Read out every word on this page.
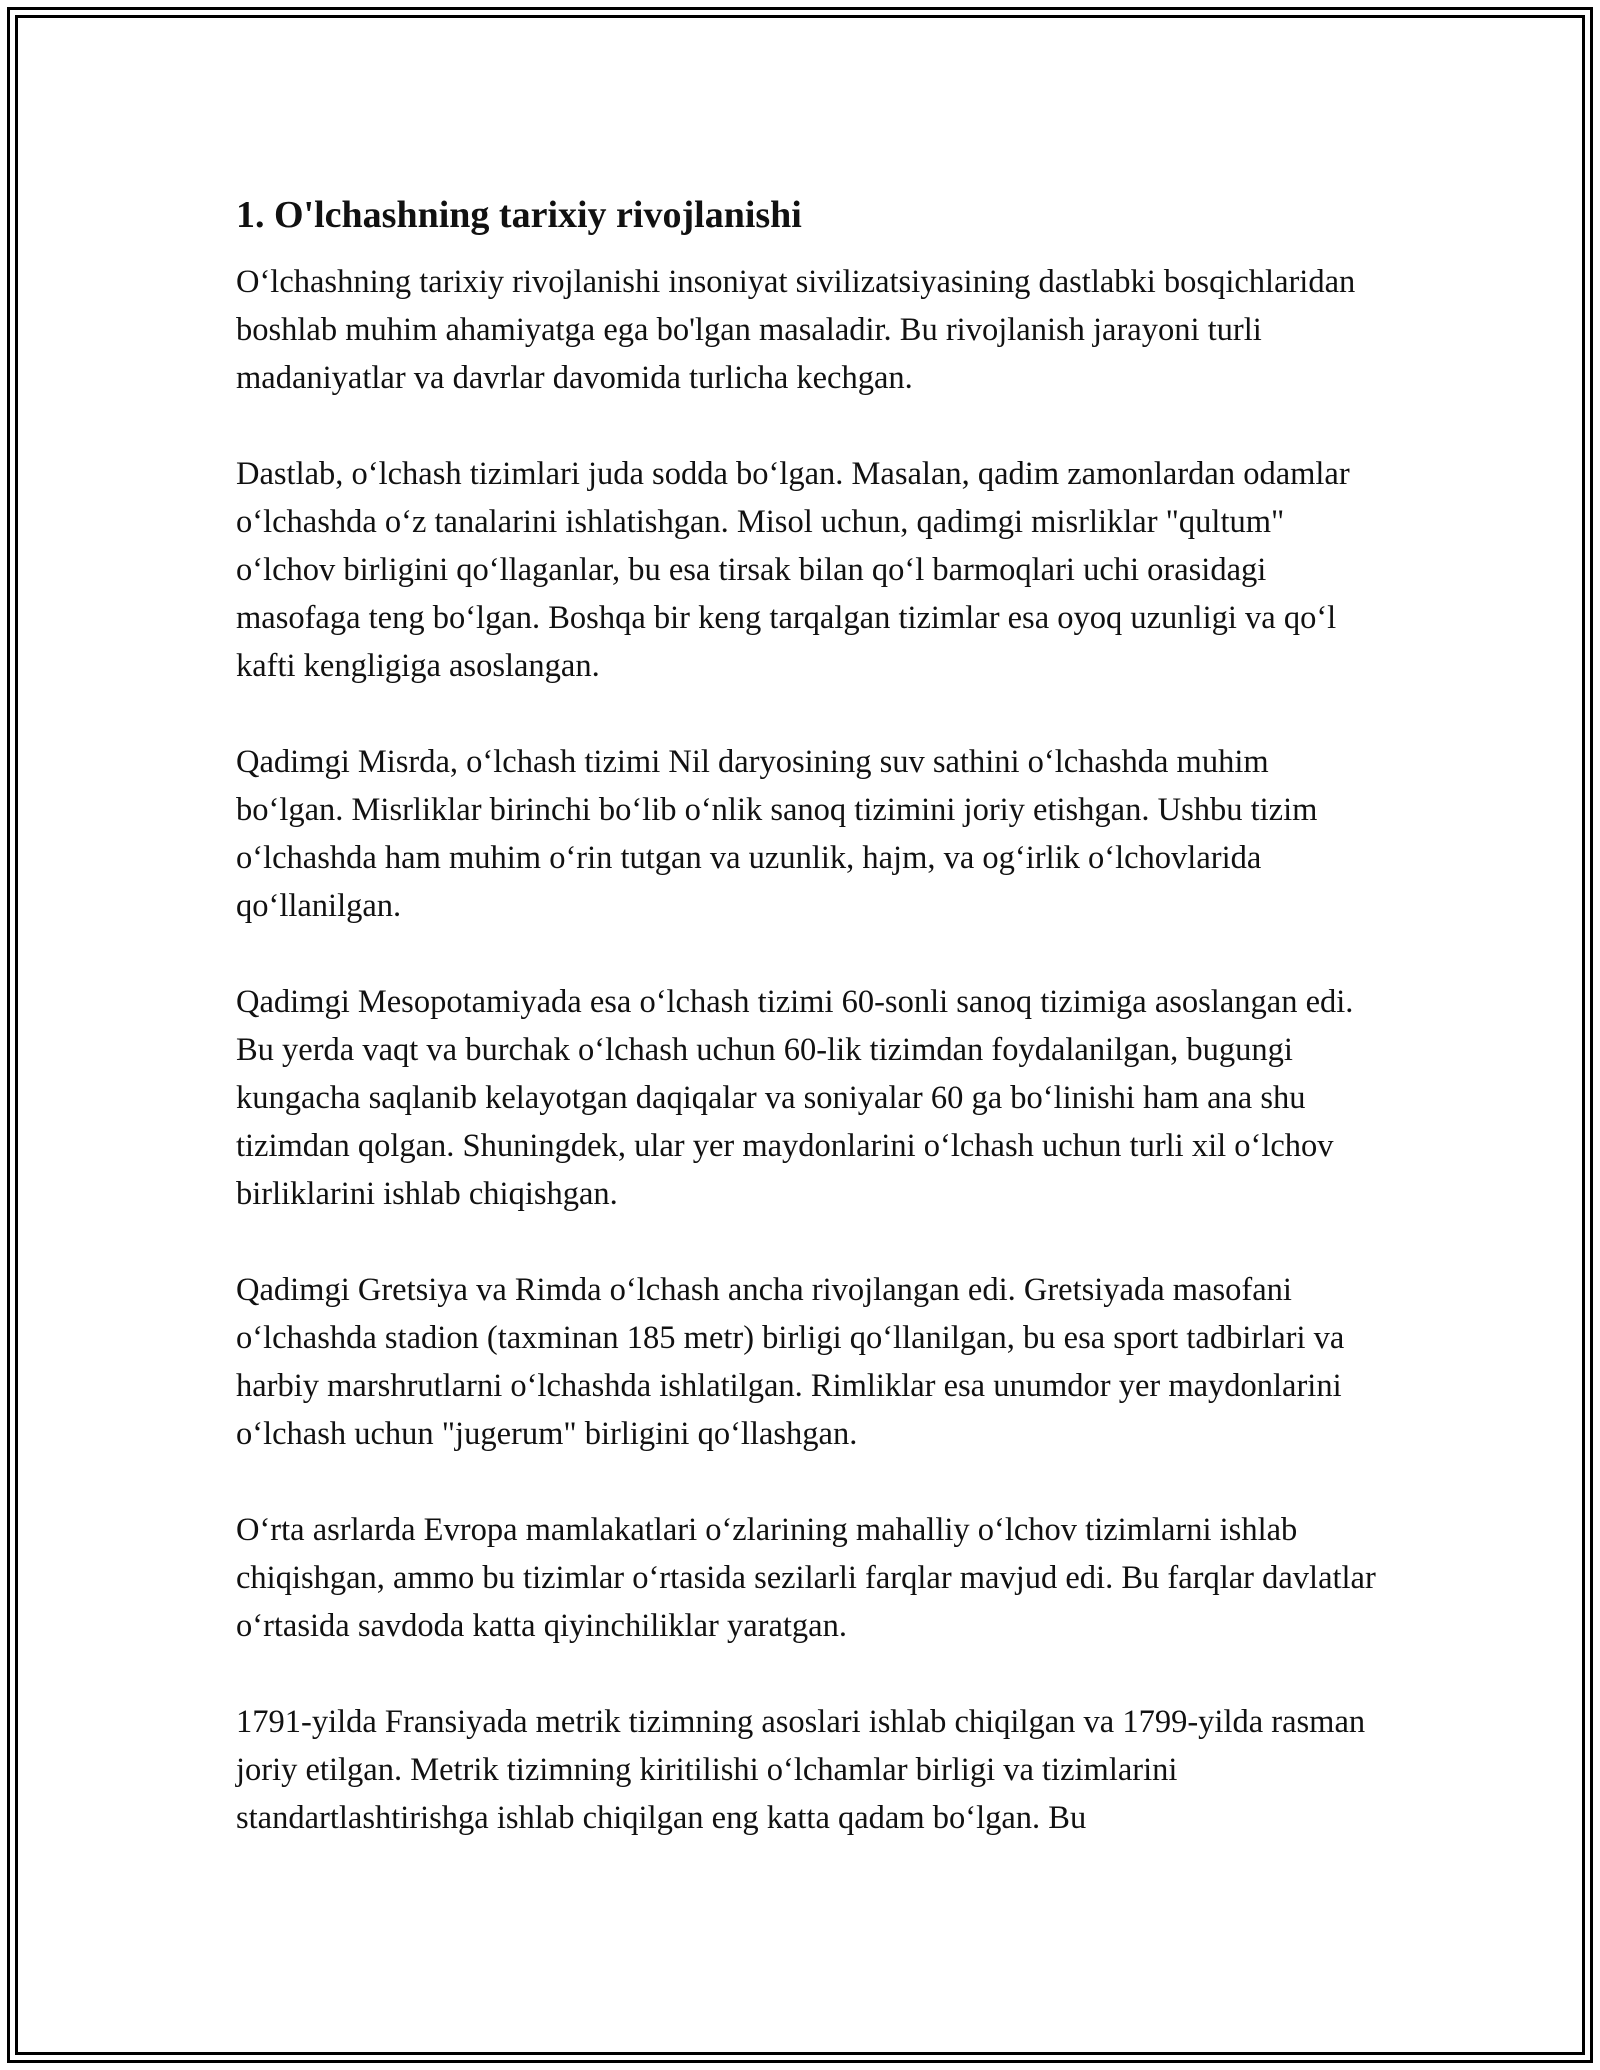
1. O'lchashning tarixiy rivojlanishi

O‘lchashning tarixiy rivojlanishi insoniyat sivilizatsiyasining dastlabki bosqichlaridan boshlab muhim ahamiyatga ega bo'lgan masaladir. Bu rivojlanish jarayoni turli madaniyatlar va davrlar davomida turlicha kechgan.

Dastlab, o‘lchash tizimlari juda sodda bo‘lgan. Masalan, qadim zamonlardan odamlar o‘lchashda o‘z tanalarini ishlatishgan. Misol uchun, qadimgi misrliklar "qultum" o‘lchov birligini qo‘llaganlar, bu esa tirsak bilan qo‘l barmoqlari uchi orasidagi masofaga teng bo‘lgan. Boshqa bir keng tarqalgan tizimlar esa oyoq uzunligi va qo‘l kafti kengligiga asoslangan.

Qadimgi Misrda, o‘lchash tizimi Nil daryosining suv sathini o‘lchashda muhim bo‘lgan. Misrliklar birinchi bo‘lib o‘nlik sanoq tizimini joriy etishgan. Ushbu tizim o‘lchashda ham muhim o‘rin tutgan va uzunlik, hajm, va og‘irlik o‘lchovlarida qo‘llanilgan.

Qadimgi Mesopotamiyada esa o‘lchash tizimi 60-sonli sanoq tizimiga asoslangan edi. Bu yerda vaqt va burchak o‘lchash uchun 60-lik tizimdan foydalanilgan, bugungi kungacha saqlanib kelayotgan daqiqalar va soniyalar 60 ga bo‘linishi ham ana shu tizimdan qolgan. Shuningdek, ular yer maydonlarini o‘lchash uchun turli xil o‘lchov birliklarini ishlab chiqishgan.

Qadimgi Gretsiya va Rimda o‘lchash ancha rivojlangan edi. Gretsiyada masofani o‘lchashda stadion (taxminan 185 metr) birligi qo‘llanilgan, bu esa sport tadbirlari va harbiy marshrutlarni o‘lchashda ishlatilgan. Rimliklar esa unumdor yer maydonlarini o‘lchash uchun "jugerum" birligini qo‘llashgan.

O‘rta asrlarda Evropa mamlakatlari o‘zlarining mahalliy o‘lchov tizimlarni ishlab chiqishgan, ammo bu tizimlar o‘rtasida sezilarli farqlar mavjud edi. Bu farqlar davlatlar o‘rtasida savdoda katta qiyinchiliklar yaratgan.

1791-yilda Fransiyada metrik tizimning asoslari ishlab chiqilgan va 1799-yilda rasman joriy etilgan. Metrik tizimning kiritilishi o‘lchamlar birligi va tizimlarini standartlashtirishga ishlab chiqilgan eng katta qadam bo‘lgan. Bu
